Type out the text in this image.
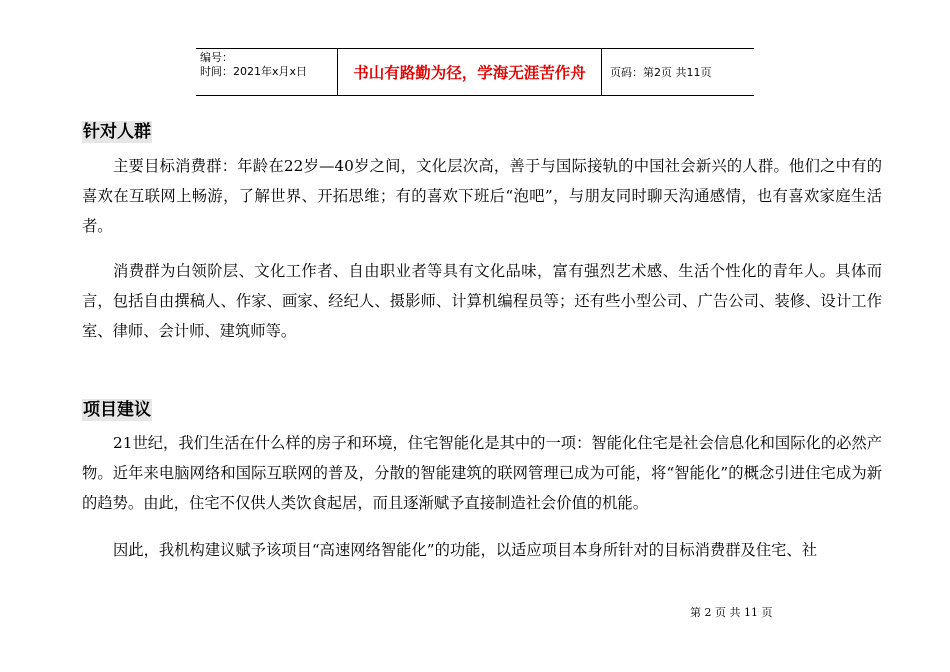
编号：
时间：2021年x月x日	书山有路勤为径，学海无涯苦作舟	页码：第2页 共11页
针对人群

主要目标消费群：年龄在22岁—40岁之间，文化层次高，善于与国际接轨的中国社会新兴的人群。他们之中有的喜欢在互联网上畅游，了解世界、开拓思维；有的喜欢下班后“泡吧”，与朋友同时聊天沟通感情，也有喜欢家庭生活者。

消费群为白领阶层、文化工作者、自由职业者等具有文化品味，富有强烈艺术感、生活个性化的青年人。具体而言，包括自由撰稿人、作家、画家、经纪人、摄影师、计算机编程员等；还有些小型公司、广告公司、装修、设计工作室、律师、会计师、建筑师等。

项目建议

21世纪，我们生活在什么样的房子和环境，住宅智能化是其中的一项：智能化住宅是社会信息化和国际化的必然产物。近年来电脑网络和国际互联网的普及，分散的智能建筑的联网管理已成为可能，将“智能化”的概念引进住宅成为新的趋势。由此，住宅不仅供人类饮食起居，而且逐渐赋予直接制造社会价值的机能。

因此，我机构建议赋予该项目“高速网络智能化”的功能，以适应项目本身所针对的目标消费群及住宅、社

第 2 页 共 11 页
